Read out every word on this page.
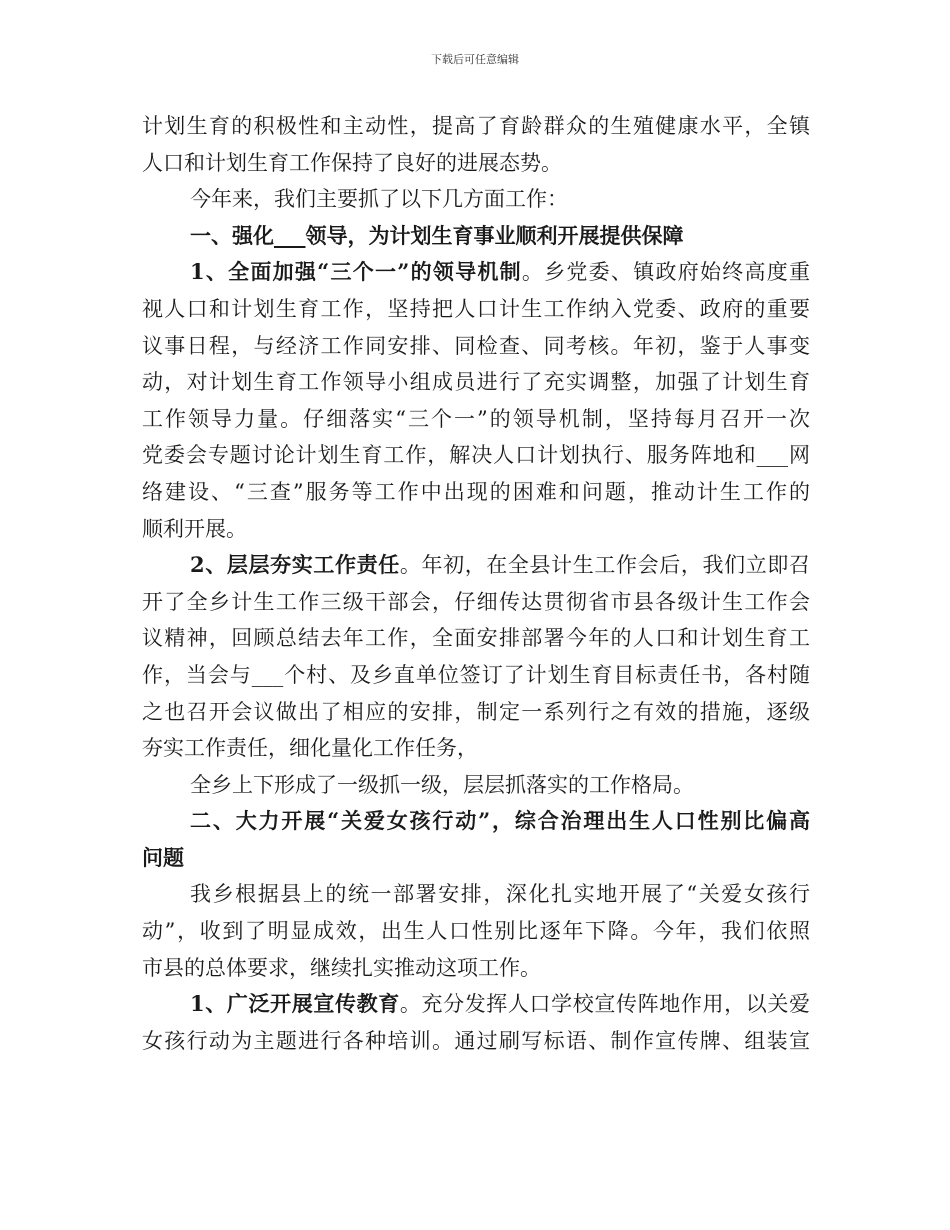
下载后可任意编辑
计划生育的积极性和主动性，提高了育龄群众的生殖健康水平，全镇
人口和计划生育工作保持了良好的进展态势。
今年来，我们主要抓了以下几方面工作：
一、强化___领导，为计划生育事业顺利开展提供保障
1、全面加强“三个一”的领导机制。乡党委、镇政府始终高度重
视人口和计划生育工作，坚持把人口计生工作纳入党委、政府的重要
议事日程，与经济工作同安排、同检查、同考核。年初，鉴于人事变
动，对计划生育工作领导小组成员进行了充实调整，加强了计划生育
工作领导力量。仔细落实“三个一”的领导机制，坚持每月召开一次
党委会专题讨论计划生育工作，解决人口计划执行、服务阵地和___网
络建设、“三查”服务等工作中出现的困难和问题，推动计生工作的
顺利开展。
2、层层夯实工作责任。年初，在全县计生工作会后，我们立即召
开了全乡计生工作三级干部会，仔细传达贯彻省市县各级计生工作会
议精神，回顾总结去年工作，全面安排部署今年的人口和计划生育工
作，当会与___个村、及乡直单位签订了计划生育目标责任书，各村随
之也召开会议做出了相应的安排，制定一系列行之有效的措施，逐级
夯实工作责任，细化量化工作任务，
全乡上下形成了一级抓一级，层层抓落实的工作格局。
二、大力开展“关爱女孩行动”，综合治理出生人口性别比偏高
问题
我乡根据县上的统一部署安排，深化扎实地开展了“关爱女孩行
动”，收到了明显成效，出生人口性别比逐年下降。今年，我们依照
市县的总体要求，继续扎实推动这项工作。
1、广泛开展宣传教育。充分发挥人口学校宣传阵地作用，以关爱
女孩行动为主题进行各种培训。通过刷写标语、制作宣传牌、组装宣
